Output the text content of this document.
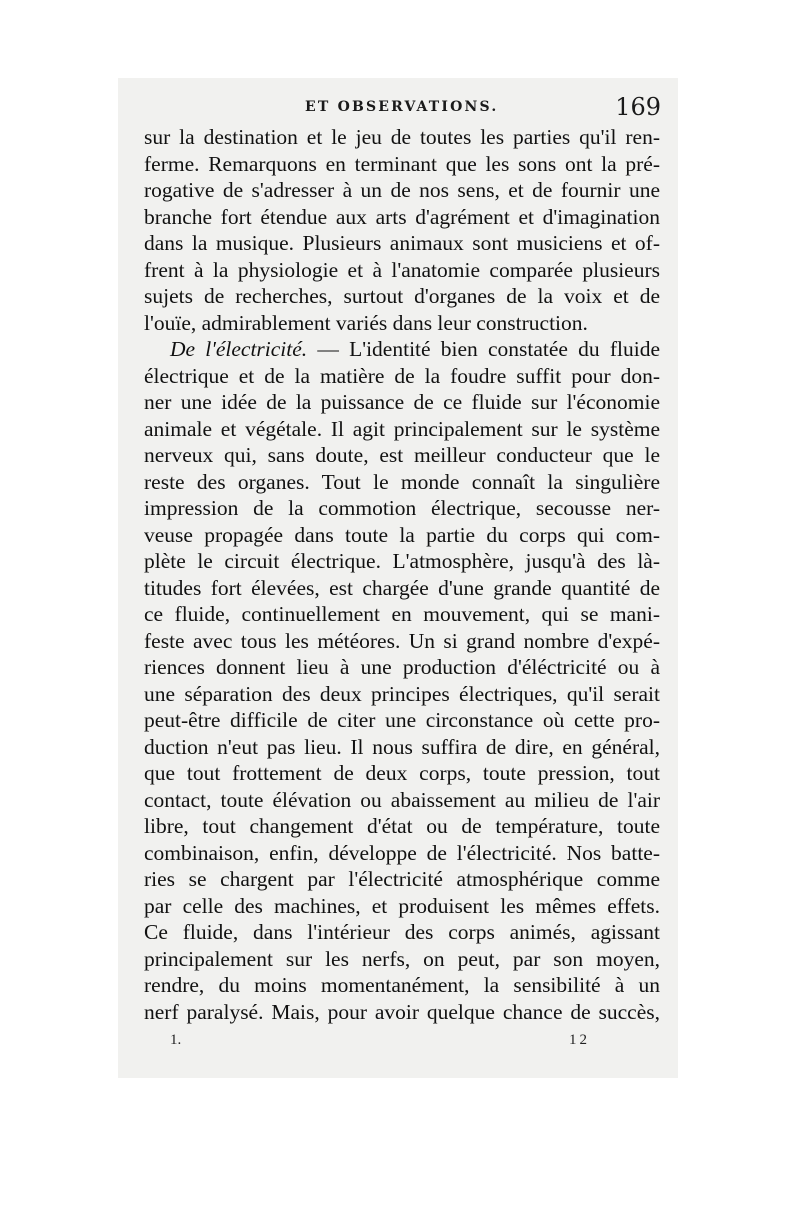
ET OBSERVATIONS.	169
sur la destination et le jeu de toutes les parties qu'il ren-
ferme. Remarquons en terminant que les sons ont la pré-
rogative de s'adresser à un de nos sens, et de fournir une
branche fort étendue aux arts d'agrément et d'imagination
dans la musique. Plusieurs animaux sont musiciens et of-
frent à la physiologie et à l'anatomie comparée plusieurs
sujets de recherches, surtout d'organes de la voix et de
l'ouïe, admirablement variés dans leur construction.
De l'électricité. — L'identité bien constatée du fluide
électrique et de la matière de la foudre suffit pour don-
ner une idée de la puissance de ce fluide sur l'économie
animale et végétale. Il agit principalement sur le système
nerveux qui, sans doute, est meilleur conducteur que le
reste des organes. Tout le monde connaît la singulière
impression de la commotion électrique, secousse ner-
veuse propagée dans toute la partie du corps qui com-
plète le circuit électrique. L'atmosphère, jusqu'à des là-
titudes fort élevées, est chargée d'une grande quantité de
ce fluide, continuellement en mouvement, qui se mani-
feste avec tous les météores. Un si grand nombre d'expé-
riences donnent lieu à une production d'éléctricité ou à
une séparation des deux principes électriques, qu'il serait
peut-être difficile de citer une circonstance où cette pro-
duction n'eut pas lieu. Il nous suffira de dire, en général,
que tout frottement de deux corps, toute pression, tout
contact, toute élévation ou abaissement au milieu de l'air
libre, tout changement d'état ou de température, toute
combinaison, enfin, développe de l'électricité. Nos batte-
ries se chargent par l'électricité atmosphérique comme
par celle des machines, et produisent les mêmes effets.
Ce fluide, dans l'intérieur des corps animés, agissant
principalement sur les nerfs, on peut, par son moyen,
rendre, du moins momentanément, la sensibilité à un
nerf paralysé. Mais, pour avoir quelque chance de succès,
1.	12
